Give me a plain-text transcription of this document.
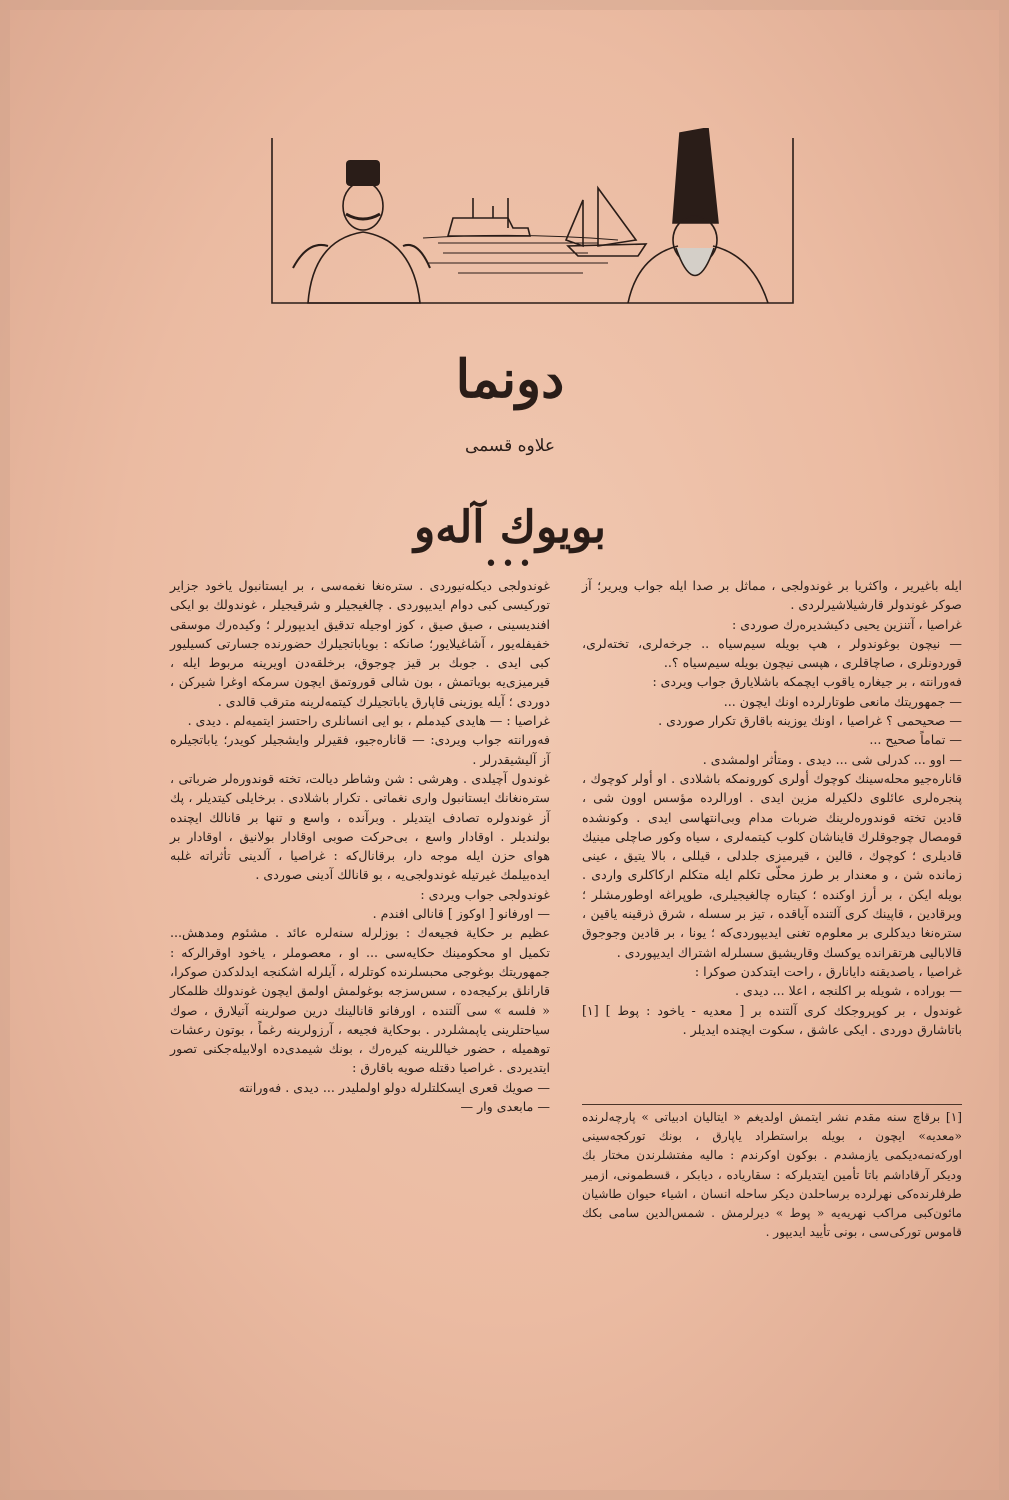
دونما
علاوه قسمی
بويوك آله‌و
•••

ايله باغيرير ، واكثريا بر غوندولجى ، مماثل بر صدا ايله جواب ويرير؛ آز صوكر غوندولر قارشيلاشيرلردى .

غراصيا ، آتنزين يحيى دكيشديرەرك صوردى :

— نيچون بوغوندولر ، هپ بويله سيم‌سياه .. جرخەلرى، تخته‌لرى، قوردونلرى ، صاچاقلرى ، هپسى نيچون بويله سيم‌سياه ؟..

فه‌ورانته ، بر جيغاره ياقوب ايچمكه باشلايارق جواب ويردى :

— جمهوريتك مانعى طوتارلرده اونك ايچون ...

— صحيحمى ؟ غراصيا ، اونك يوزينه باقارق تكرار صوردى .

— تماماً صحيح ...

— اوو ... كدرلى شى ... ديدى . ومتأثر اولمشدى .

قانارەجيو محله‌سينك كوچوك أولرى كورونمكه باشلادى . او أولر كوچوك ، پنجرەلرى عائلوى دلكيرله مزين ايدى . اورالرده مؤسس اوون شى ، قادين تخته قوندورەلرينك ضربات مدام وبى‌انتهاسى ايدى . وكونشده قومصال چوجوقلرك قايناشان كلوب كيتمه‌لرى ، سياه وكور صاچلى مينيك قاديلرى ؛ كوچوك ، قالين ، قيرميزى جلدلى ، قيللى ، بالا يتيق ، عينى زمانده شن ، و معندار بر طرز محلّى تكلم ايله متكلم اركاكلرى واردى . بويله ايكن ، بر أرز اوكنده ؛ كيتاره چالغيجيلرى، طوپراغه اوطورمشلر ؛ وبرقادين ، قاپينك كرى آلتنده آياقده ، تيز بر سسله ، شرق ذرقينه ياقين ، سترەنغا ديدكلرى بر معلوم‌ه تغنى ايديپوردى‌كه ؛ يونا ، بر قادين وجوجوق قالاباليى هرتقرانده يوكسك وقاريشيق سسلرله اشتراك ايديپوردى .

غراصيا ، ياصديقنه دايانارق ، راحت ايتدكدن صوكرا :

— بوراده ، شويله بر اكلنجه ، اعلا ... ديدى .

غوندول ، بر كوپروجكك كرى آلتنده بر [ معديه - ياخود : پوط ] [١] باتاشارق دوردى . ايكى عاشق ، سكوت ايچنده ايديلر .

غوندولجى ديكله‌نيوردى . سترەنغا نغمه‌سى ، بر ايستانبول ياخود جزاير توركيسى كبى دوام ايديپوردى . چالغيجيلر و شرقيجيلر ، غوندولك بو ايكى افنديسينى ، صيق صيق ، كوز اوجيله تدقيق ايديپورلر ؛ وكيده‌رك موسقى خفيفله‌يور ، آشاغيلايور؛ صانكه : بوياباتجيلرك حضورنده جسارتى كسيليور كبى ايدى . جوبك بر قيز چوجوق، برخلقه‌دن اويرينه مربوط ايله ، قيرميزى‌يه بوياتمش ، بون شالى قوروتمق ايچون سرمكه اوغرا شيركن ، دوردى ؛ آيله يوزينى قاپارق ياباتجيلرك كيتمه‌لرينه مترقب قالدى .

غراصيا : — هايدى كيدملم ، بو ايى انسانلرى راحتسز ايتميه‌لم . ديدى .

فه‌ورانته جواب ويردى: — قانارەجيو، فقيرلر وايشجيلر كويدر؛ ياباتجيلره آز آليشيقدرلر .

غوندول آچيلدى . وهرشى : شن وشاطر ديالت، تخته قوندورەلر ضرباتى ، سترەنغانك ايستانبول وارى نغماتى . تكرار باشلادى . برخايلى كيتديلر ، پك آز غوندولره تصادف ايتديلر . وبرآنده ، واسع و تنها بر قانالك ايچنده بولنديلر . اوقادار واسع ، بى‌حركت صوبى اوقادار بولانيق ، اوقادار بر هواى حزن ايله موجه دار، برقانال‌كه : غراصيا ، آلدينى تأثراته غلبه ايده‌بيلمك غيرتيله غوندولجى‌يه ، بو قانالك آدينى صوردى .

غوندولجى جواب ويردى :

— اورفانو [ اوكوز ] قانالى افندم .

عظيم بر حكاية فجيعه‌ك : بوزلرله سنه‌لره عائد . مشئوم ومدهش... تكميل او محكومينك حكايه‌سى ... او ، معصوملر ، ياخود اوقرالركه : جمهوريتك بوغوجى محبسلرنده كوتلرله ، آيلرله اشكنجه ايدلدكدن صوكرا، قارانلق بركيجه‌ده ، سس‌سزجه بوغولمش اولمق ايچون غوندولك ظلمكار « فلسه » سى آلتنده ، اورفانو قانالينك درين صولرينه آتيلارق ، صوك سياحتلرينى ياپمشلردر . بوحكاية فجيعه ، آرزولرينه رغماً ، بوتون رعشات توهميله ، حضور خياللرينه كيره‌رك ، بونك شيمدى‌ده اولابيله‌جكنى تصور ايتديردى . غراصيا دقتله صويه باقارق :

— صويك قعرى ايسكلتلرله دولو اولمليدر ... ديدى . فه‌ورانته

— مابعدى وار —

[١] برقاچ سنه مقدم نشر ايتمش اولديغم « ايتاليان ادبياتى » پارچه‌لرنده «معديه» ايچون ، بويله براستطراد ياپارق ، بونك توركجه‌سينى اوركه‌نمه‌ديكمى يازمشدم . بوكون اوكرندم : ماليه مفتشلرندن مختار بك وديكر آرقاداشم باتا تأمين ايتديلركه : سقارياده ، ديابكر ، قسطمونى، ازمير طرفلرنده‌كى نهرلرده برساحلدن ديكر ساحله انسان ، اشياء حيوان طاشيان مائون‌كبى مراكب نهريه‌يه « پوط » ديرلرمش . شمس‌الدين سامى بكك قاموس توركى‌سى ، بونى تأييد ايديپور .
